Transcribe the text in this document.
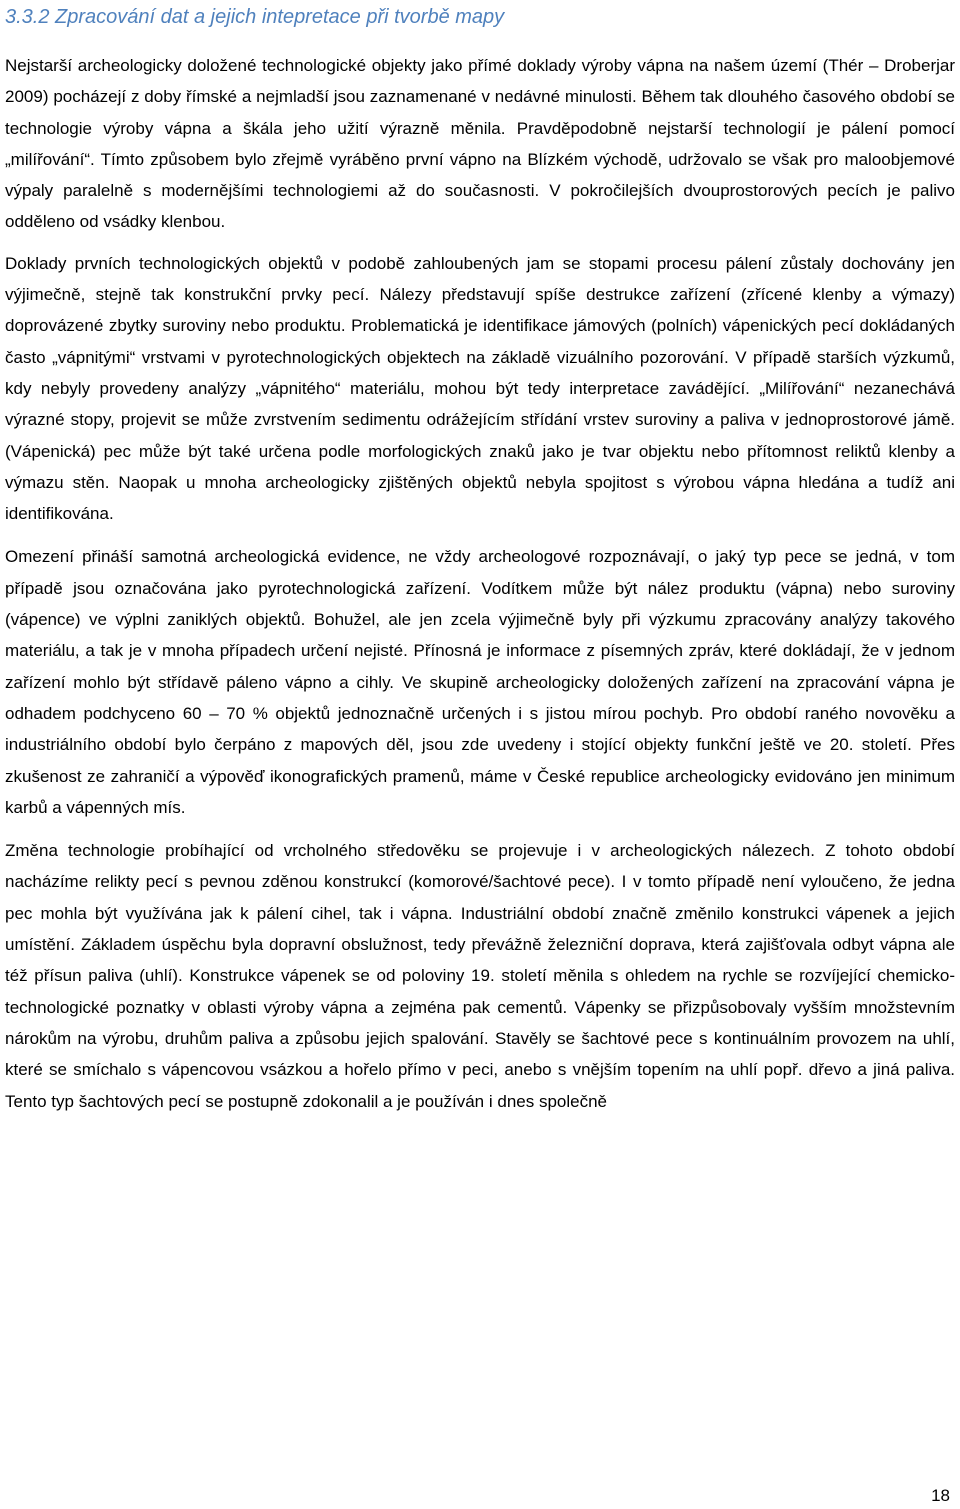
3.3.2 Zpracování dat a jejich intepretace při tvorbě mapy

Nejstarší archeologicky doložené technologické objekty jako přímé doklady výroby vápna na našem území (Thér – Droberjar 2009) pocházejí z doby římské a nejmladší jsou zaznamenané v nedávné minulosti. Během tak dlouhého časového období se technologie výroby vápna a škála jeho užití výrazně měnila. Pravděpodobně nejstarší technologií je pálení pomocí „milířování“. Tímto způsobem bylo zřejmě vyráběno první vápno na Blízkém východě, udržovalo se však pro maloobjemové výpaly paralelně s modernějšími technologiemi až do současnosti. V pokročilejších dvouprostorových pecích je palivo odděleno od vsádky klenbou.

Doklady prvních technologických objektů v podobě zahloubených jam se stopami procesu pálení zůstaly dochovány jen výjimečně, stejně tak konstrukční prvky pecí. Nálezy představují spíše destrukce zařízení (zřícené klenby a výmazy) doprovázené zbytky suroviny nebo produktu. Problematická je identifikace jámových (polních) vápenických pecí dokládaných často „vápnitými“ vrstvami v pyrotechnologických objektech na základě vizuálního pozorování. V případě starších výzkumů, kdy nebyly provedeny analýzy „vápnitého“ materiálu, mohou být tedy interpretace zavádějící. „Milířování“ nezanechává výrazné stopy, projevit se může zvrstvením sedimentu odrážejícím střídání vrstev suroviny a paliva v jednoprostorové jámě. (Vápenická) pec může být také určena podle morfologických znaků jako je tvar objektu nebo přítomnost reliktů klenby a výmazu stěn. Naopak u mnoha archeologicky zjištěných objektů nebyla spojitost s výrobou vápna hledána a tudíž ani identifikována.

Omezení přináší samotná archeologická evidence, ne vždy archeologové rozpoznávají, o jaký typ pece se jedná, v tom případě jsou označována jako pyrotechnologická zařízení. Vodítkem může být nález produktu (vápna) nebo suroviny (vápence) ve výplni zaniklých objektů. Bohužel, ale jen zcela výjimečně byly při výzkumu zpracovány analýzy takového materiálu, a tak je v mnoha případech určení nejisté. Přínosná je informace z písemných zpráv, které dokládají, že v jednom zařízení mohlo být střídavě páleno vápno a cihly. Ve skupině archeologicky doložených zařízení na zpracování vápna je odhadem podchyceno 60 – 70 % objektů jednoznačně určených i s jistou mírou pochyb. Pro období raného novověku a industriálního období bylo čerpáno z mapových děl, jsou zde uvedeny i stojící objekty funkční ještě ve 20. století. Přes zkušenost ze zahraničí a výpověď ikonografických pramenů, máme v České republice archeologicky evidováno jen minimum karbů a vápenných mís.

Změna technologie probíhající od vrcholného středověku se projevuje i v archeologických nálezech. Z tohoto období nacházíme relikty pecí s pevnou zděnou konstrukcí (komorové/šachtové pece). I v tomto případě není vyloučeno, že jedna pec mohla být využívána jak k pálení cihel, tak i vápna. Industriální období značně změnilo konstrukci vápenek a jejich umístění. Základem úspěchu byla dopravní obslužnost, tedy převážně železniční doprava, která zajišťovala odbyt vápna ale též přísun paliva (uhlí). Konstrukce vápenek se od poloviny 19. století měnila s ohledem na rychle se rozvíjející chemicko-technologické poznatky v oblasti výroby vápna a zejména pak cementů. Vápenky se přizpůsobovaly vyšším množstevním nárokům na výrobu, druhům paliva a způsobu jejich spalování. Stavěly se šachtové pece s kontinuálním provozem na uhlí, které se smíchalo s vápencovou vsázkou a hořelo přímo v peci, anebo s vnějším topením na uhlí popř. dřevo a jiná paliva. Tento typ šachtových pecí se postupně zdokonalil a je používán i dnes společně

18
